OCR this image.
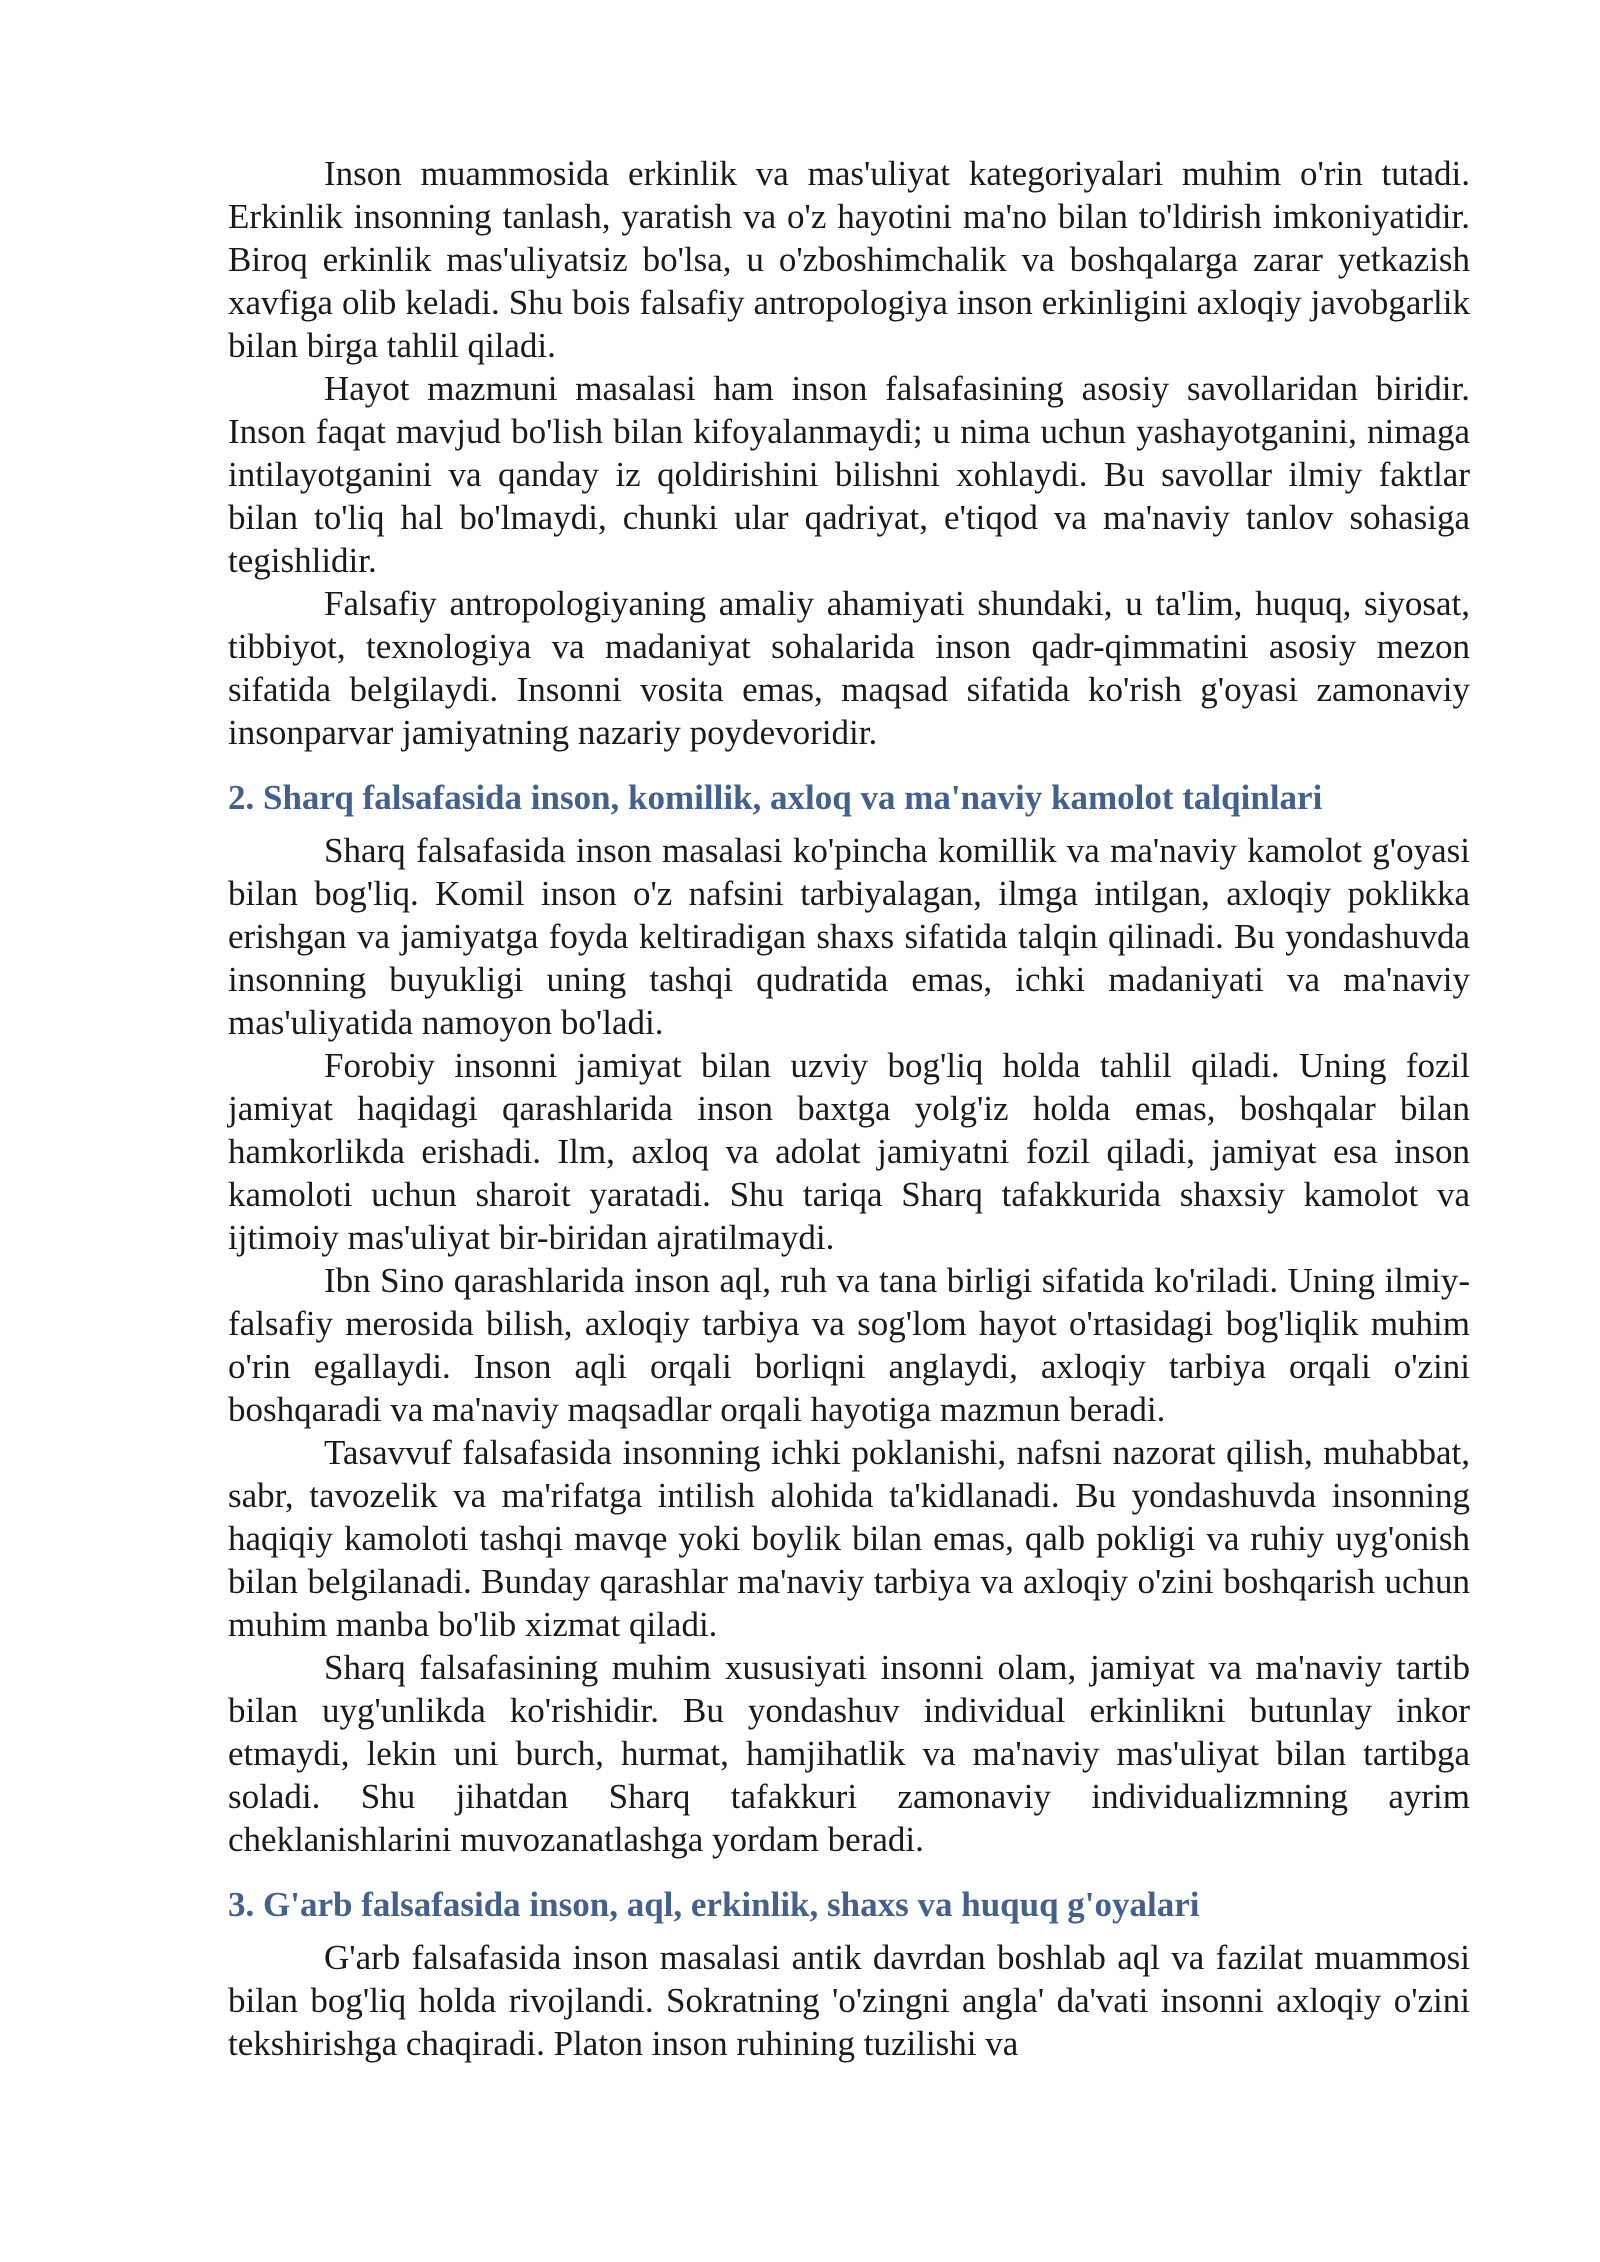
Inson muammosida erkinlik va mas'uliyat kategoriyalari muhim o'rin tutadi. Erkinlik insonning tanlash, yaratish va o'z hayotini ma'no bilan to'ldirish imkoniyatidir. Biroq erkinlik mas'uliyatsiz bo'lsa, u o'zboshimchalik va boshqalarga zarar yetkazish xavfiga olib keladi. Shu bois falsafiy antropologiya inson erkinligini axloqiy javobgarlik bilan birga tahlil qiladi.

Hayot mazmuni masalasi ham inson falsafasining asosiy savollaridan biridir. Inson faqat mavjud bo'lish bilan kifoyalanmaydi; u nima uchun yashayotganini, nimaga intilayotganini va qanday iz qoldirishini bilishni xohlaydi. Bu savollar ilmiy faktlar bilan to'liq hal bo'lmaydi, chunki ular qadriyat, e'tiqod va ma'naviy tanlov sohasiga tegishlidir.

Falsafiy antropologiyaning amaliy ahamiyati shundaki, u ta'lim, huquq, siyosat, tibbiyot, texnologiya va madaniyat sohalarida inson qadr-qimmatini asosiy mezon sifatida belgilaydi. Insonni vosita emas, maqsad sifatida ko'rish g'oyasi zamonaviy insonparvar jamiyatning nazariy poydevoridir.

2. Sharq falsafasida inson, komillik, axloq va ma'naviy kamolot talqinlari

Sharq falsafasida inson masalasi ko'pincha komillik va ma'naviy kamolot g'oyasi bilan bog'liq. Komil inson o'z nafsini tarbiyalagan, ilmga intilgan, axloqiy poklikka erishgan va jamiyatga foyda keltiradigan shaxs sifatida talqin qilinadi. Bu yondashuvda insonning buyukligi uning tashqi qudratida emas, ichki madaniyati va ma'naviy mas'uliyatida namoyon bo'ladi.

Forobiy insonni jamiyat bilan uzviy bog'liq holda tahlil qiladi. Uning fozil jamiyat haqidagi qarashlarida inson baxtga yolg'iz holda emas, boshqalar bilan hamkorlikda erishadi. Ilm, axloq va adolat jamiyatni fozil qiladi, jamiyat esa inson kamoloti uchun sharoit yaratadi. Shu tariqa Sharq tafakkurida shaxsiy kamolot va ijtimoiy mas'uliyat bir-biridan ajratilmaydi.

Ibn Sino qarashlarida inson aql, ruh va tana birligi sifatida ko'riladi. Uning ilmiy-falsafiy merosida bilish, axloqiy tarbiya va sog'lom hayot o'rtasidagi bog'liqlik muhim o'rin egallaydi. Inson aqli orqali borliqni anglaydi, axloqiy tarbiya orqali o'zini boshqaradi va ma'naviy maqsadlar orqali hayotiga mazmun beradi.

Tasavvuf falsafasida insonning ichki poklanishi, nafsni nazorat qilish, muhabbat, sabr, tavozelik va ma'rifatga intilish alohida ta'kidlanadi. Bu yondashuvda insonning haqiqiy kamoloti tashqi mavqe yoki boylik bilan emas, qalb pokligi va ruhiy uyg'onish bilan belgilanadi. Bunday qarashlar ma'naviy tarbiya va axloqiy o'zini boshqarish uchun muhim manba bo'lib xizmat qiladi.

Sharq falsafasining muhim xususiyati insonni olam, jamiyat va ma'naviy tartib bilan uyg'unlikda ko'rishidir. Bu yondashuv individual erkinlikni butunlay inkor etmaydi, lekin uni burch, hurmat, hamjihatlik va ma'naviy mas'uliyat bilan tartibga soladi. Shu jihatdan Sharq tafakkuri zamonaviy individualizmning ayrim cheklanishlarini muvozanatlashga yordam beradi.

3. G'arb falsafasida inson, aql, erkinlik, shaxs va huquq g'oyalari

G'arb falsafasida inson masalasi antik davrdan boshlab aql va fazilat muammosi bilan bog'liq holda rivojlandi. Sokratning 'o'zingni angla' da'vati insonni axloqiy o'zini tekshirishga chaqiradi. Platon inson ruhining tuzilishi va
